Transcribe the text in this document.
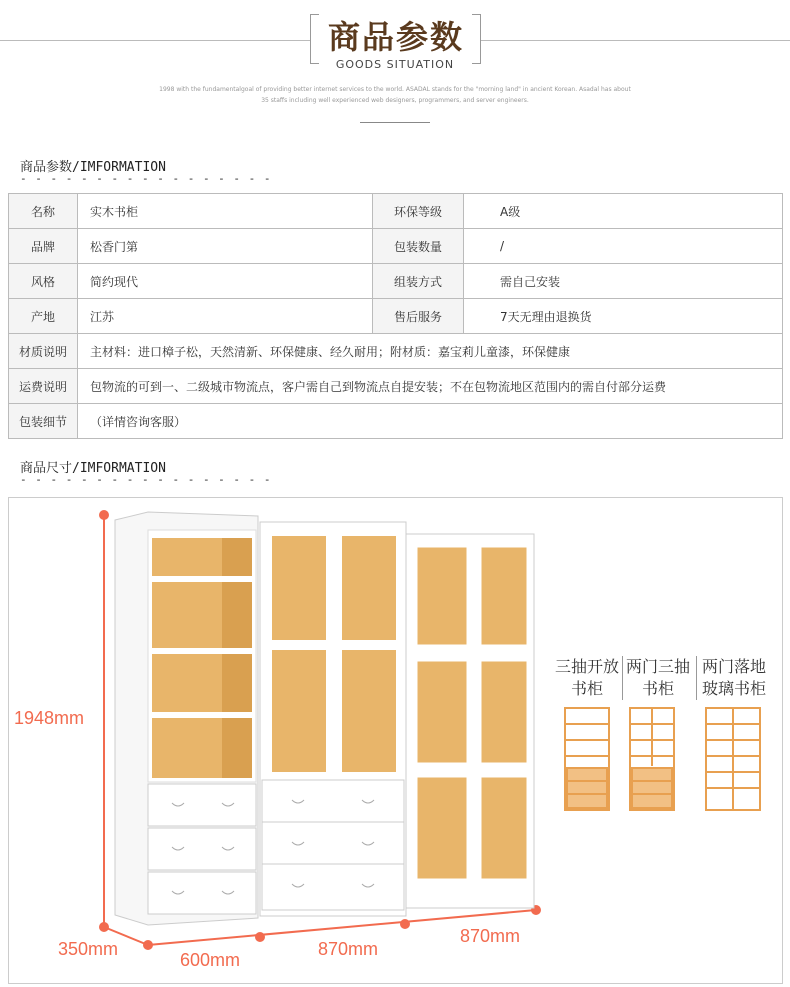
商品参数
GOODS SITUATION
1998 with the fundamentalgoal of providing better internet services to the world. ASADAL stands for the "morning land" in ancient Korean. Asadal has about
35 staffs including well experienced web designers, programmers, and server engineers.
商品参数/IMFORMATION
- - - - - - - - - - - - - - - - -
名称	实木书柜	环保等级	A级
品牌	松香门第	包装数量	/
风格	简约现代	组装方式	需自己安装
产地	江苏	售后服务	7天无理由退换货
材质说明	主材料：进口樟子松，天然清新、环保健康、经久耐用；附材质：嘉宝莉儿童漆，环保健康		
运费说明	包物流的可到一、二级城市物流点，客户需自己到物流点自提安装；不在包物流地区范围内的需自付部分运费		
包装细节	（详情咨询客服）		
商品尺寸/IMFORMATION
- - - - - - - - - - - - - - - - -
1948mm
350mm
600mm
870mm
870mm
三抽开放
书柜
两门三抽
书柜
两门落地
玻璃书柜
